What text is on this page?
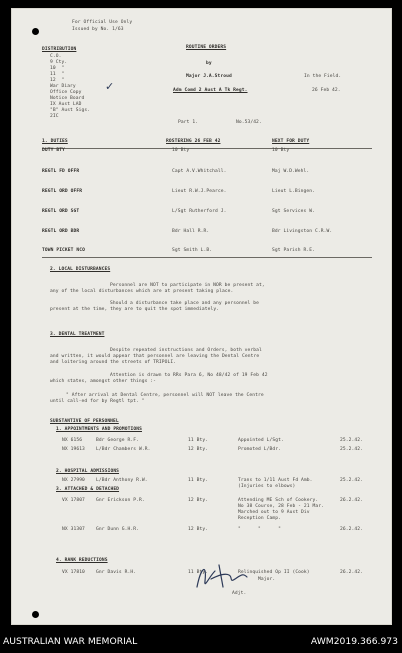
For Official Use Only
Issued by No. 1/63
DISTRIBUTION	ROUTINE ORDERS
by
Major J.A.Stroud	In the Field.
Adm Comd 2 Aust A Tk Regt.	26 Feb 42.
Part 1.	No.53/42.
✓
1. DUTIES	ROSTERING 26 FEB 42	NEXT FOR DUTY
DUTY BTY	10 Bty	10 Bty
REGTL FD OFFR	Capt A.V.Whitchall.	Maj W.D.Wehl.
REGTL ORD OFFR	Lieut R.W.J.Pearce.	Lieut L.Bingen.
REGTL ORD SGT	L/Sgt Rutherford J.	Sgt Services W.
REGTL ORD BDR	Bdr Hall R.R.	Bdr Livingston C.R.W.
TOWN PICKET NCO	Sgt Smith L.B.	Sgt Parish R.E.
2. LOCAL DISTURBANCES
Personnel are NOT to participate in NOR be present at,
any of the local disturbances which are at present taking place.
Should a disturbance take place and any personnel be
present at the time, they are to quit the spot immediately.
3. DENTAL TREATMENT
Despite repeated instructions and Orders, both verbal
and written, it would appear that personnel are leaving the Dental Centre
and loitering around the streets of TRIPOLI.
Attention is drawn to RRs Para 6, No 48/42 of 19 Feb 42
which states, amongst other things :-
" After arrival at Dental Centre, personnel will NOT leave the Centre
until call-ed for by Regtl tpt. "
SUBSTANTIVE OF PERSONNEL
1. APPOINTMENTS AND PROMOTIONS
NX 6156	Bdr George R.F.	11 Bty.	Appointed L/Sgt.	25.2.42.
NX 19613 L/Bdr Chambers W.R.	12 Bty.	Promoted L/Bdr.	25.2.42.
2. HOSPITAL ADMISSIONS
NX 27990 L/Bdr Anthony R.W.	11 Bty.	Trans to 1/11 Aust Fd Amb.
(Injuries to elbows)
25.2.42.
3. ATTACHED & DETACHED
VX 17807 Gnr Erickson P.R.	12 Bty.	Attending ME Sch of Cookery.
No 38 Course, 28 Feb - 21 Mar.
Marched out to 9 Aust Div
Reception Camp.
26.2.42.
NX 31307 Gnr Dunn G.H.R.	12 Bty.	"      "      "	26.2.42.
4. RANK REDUCTIONS
VX 17810 Gnr Davis R.H.	11 Bty.	Relinquished Op II (Cook)	26.2.42.
Major.
Adjt.
AUSTRALIAN WAR MEMORIAL	AWM2019.366.973
C.O.
9 Cty.
10  "
11  "
12  "
War Diary
Office Copy
Notice Board
IX Aust LAD
"B" Aust Sigs.
2IC
